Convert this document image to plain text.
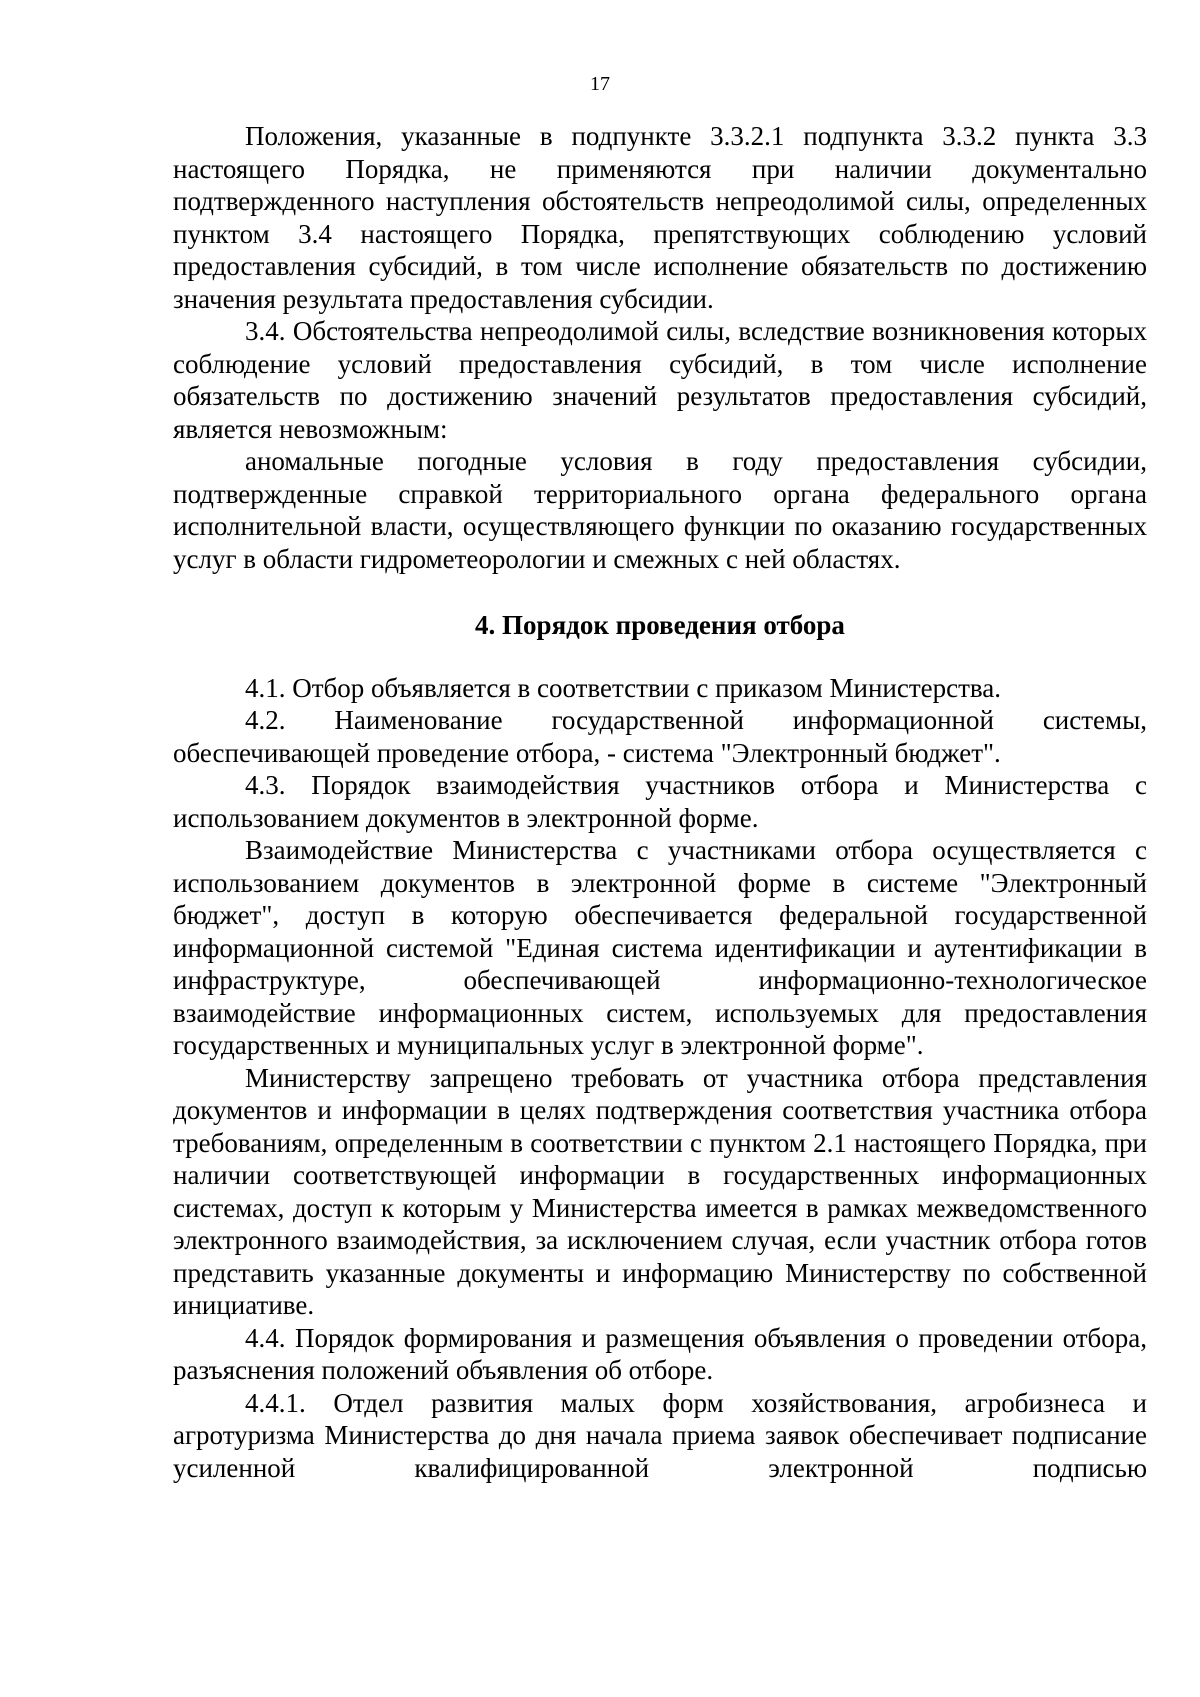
17

Положения, указанные в подпункте 3.3.2.1 подпункта 3.3.2 пункта 3.3 настоящего Порядка, не применяются при наличии документально подтвержденного наступления обстоятельств непреодолимой силы, определенных пунктом 3.4 настоящего Порядка, препятствующих соблюдению условий предоставления субсидий, в том числе исполнение обязательств по достижению значения результата предоставления субсидии.

3.4. Обстоятельства непреодолимой силы, вследствие возникновения которых соблюдение условий предоставления субсидий, в том числе исполнение обязательств по достижению значений результатов предоставления субсидий, является невозможным:

аномальные погодные условия в году предоставления субсидии, подтвержденные справкой территориального органа федерального органа исполнительной власти, осуществляющего функции по оказанию государственных услуг в области гидрометеорологии и смежных с ней областях.

4. Порядок проведения отбора

4.1. Отбор объявляется в соответствии с приказом Министерства.

4.2. Наименование государственной информационной системы, обеспечивающей проведение отбора, - система "Электронный бюджет".

4.3. Порядок взаимодействия участников отбора и Министерства с использованием документов в электронной форме.

Взаимодействие Министерства с участниками отбора осуществляется с использованием документов в электронной форме в системе "Электронный бюджет", доступ в которую обеспечивается федеральной государственной информационной системой "Единая система идентификации и аутентификации в инфраструктуре, обеспечивающей информационно-технологическое взаимодействие информационных систем, используемых для предоставления государственных и муниципальных услуг в электронной форме".

Министерству запрещено требовать от участника отбора представления документов и информации в целях подтверждения соответствия участника отбора требованиям, определенным в соответствии с пунктом 2.1 настоящего Порядка, при наличии соответствующей информации в государственных информационных системах, доступ к которым у Министерства имеется в рамках межведомственного электронного взаимодействия, за исключением случая, если участник отбора готов представить указанные документы и информацию Министерству по собственной инициативе.

4.4. Порядок формирования и размещения объявления о проведении отбора, разъяснения положений объявления об отборе.

4.4.1. Отдел развития малых форм хозяйствования, агробизнеса и агротуризма Министерства до дня начала приема заявок обеспечивает подписание усиленной квалифицированной электронной подписью
